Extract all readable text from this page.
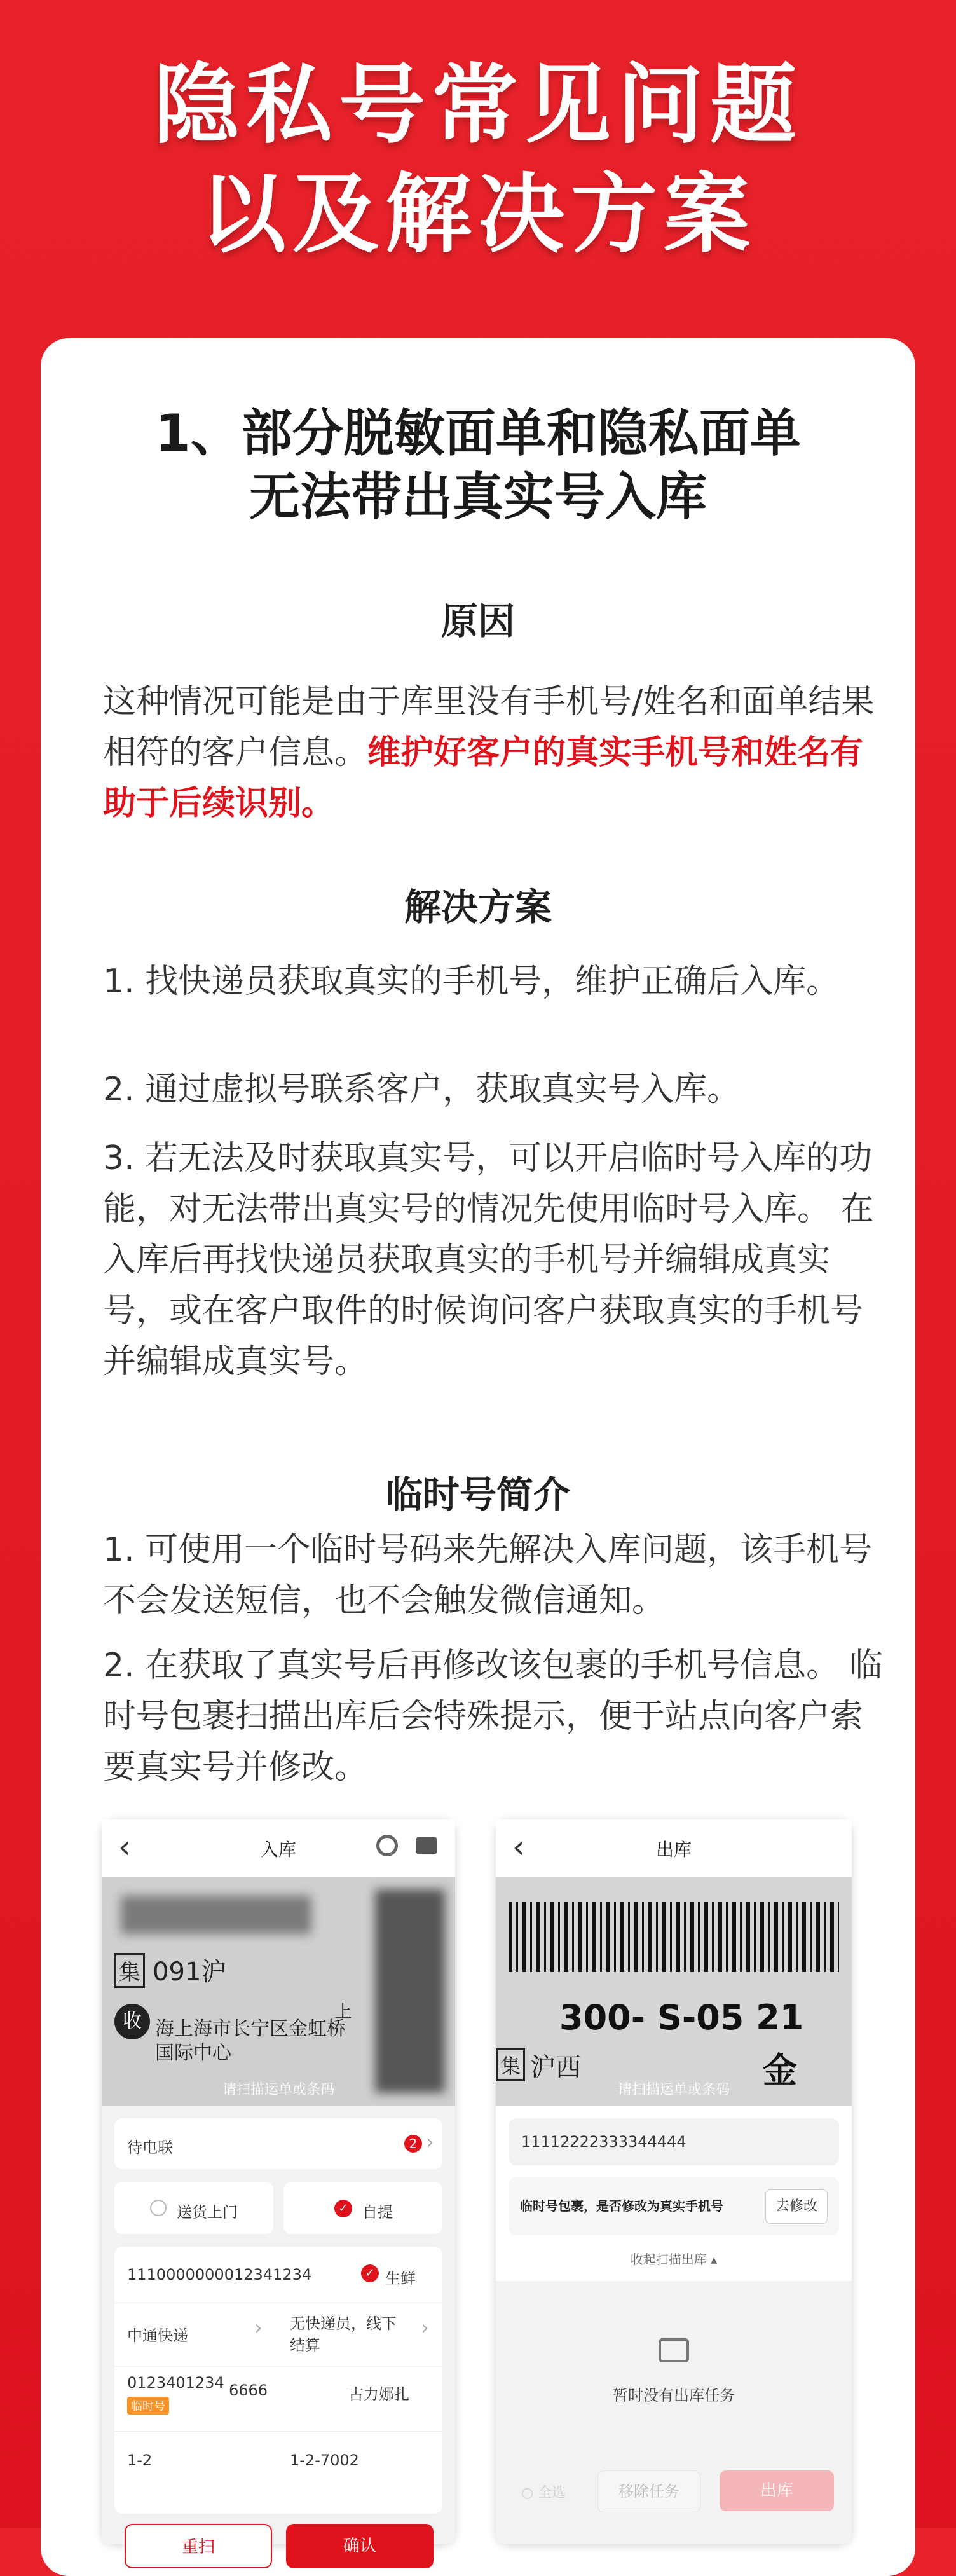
隐私号常见问题
以及解决方案
1、部分脱敏面单和隐私面单
无法带出真实号入库
原因
这种情况可能是由于库里没有手机号/姓名和面单结果相符的客户信息。维护好客户的真实手机号和姓名有助于后续识别。
解决方案
1. 找快递员获取真实的手机号，维护正确后入库。
2. 通过虚拟号联系客户，获取真实号入库。
3. 若无法及时获取真实号，可以开启临时号入库的功能，对无法带出真实号的情况先使用临时号入库。 在入库后再找快递员获取真实的手机号并编辑成真实号，或在客户取件的时候询问客户获取真实的手机号并编辑成真实号。
临时号简介
1. 可使用一个临时号码来先解决入库问题，该手机号不会发送短信，也不会触发微信通知。
2. 在获取了真实号后再修改该包裹的手机号信息。 临时号包裹扫描出库后会特殊提示，便于站点向客户索要真实号并修改。
‹	入库
集 091沪
收 海上海市长宁区金虹桥
国际中心
上
请扫描运单或条码
待电联	2 ›
送货上门	✓ 自提
1110000000012341234	✓ 生鲜
中通快递	› 无快递员，线下结算
›
0123401234
临时号
6666	古力娜扎
1-2	1-2-7002
重扫	确认
‹	出库
300- S-05 21
集 沪西	金
请扫描运单或条码
11112222333344444
临时号包裹，是否修改为真实手机号	去修改
收起扫描出库 ▴
暂时没有出库任务
○ 全选	移除任务	出库
